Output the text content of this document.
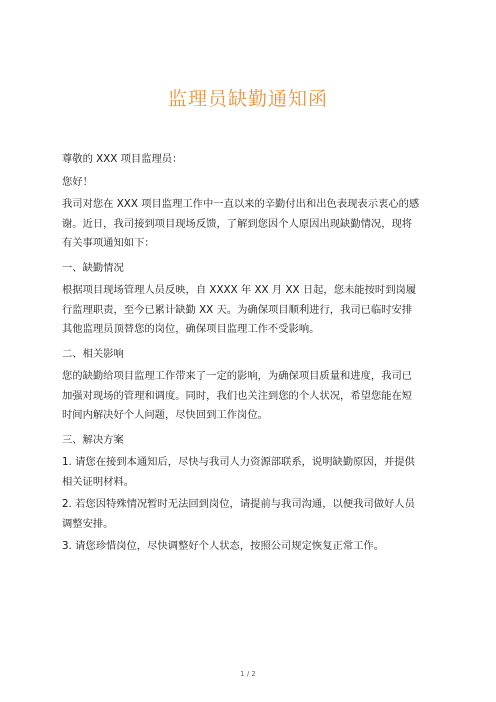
监理员缺勤通知函

尊敬的 XXX 项目监理员：

您好！

我司对您在 XXX 项目监理工作中一直以来的辛勤付出和出色表现表示衷心的感

谢。近日，我司接到项目现场反馈，了解到您因个人原因出现缺勤情况，现将

有关事项通知如下：

一、缺勤情况

根据项目现场管理人员反映，自 XXXX 年 XX 月 XX 日起，您未能按时到岗履

行监理职责，至今已累计缺勤 XX 天。为确保项目顺利进行，我司已临时安排

其他监理员顶替您的岗位，确保项目监理工作不受影响。

二、相关影响

您的缺勤给项目监理工作带来了一定的影响，为确保项目质量和进度，我司已

加强对现场的管理和调度。同时，我们也关注到您的个人状况，希望您能在短

时间内解决好个人问题，尽快回到工作岗位。

三、解决方案

1. 请您在接到本通知后，尽快与我司人力资源部联系，说明缺勤原因，并提供

相关证明材料。

2. 若您因特殊情况暂时无法回到岗位，请提前与我司沟通，以便我司做好人员

调整安排。

3. 请您珍惜岗位，尽快调整好个人状态，按照公司规定恢复正常工作。

1 / 2
